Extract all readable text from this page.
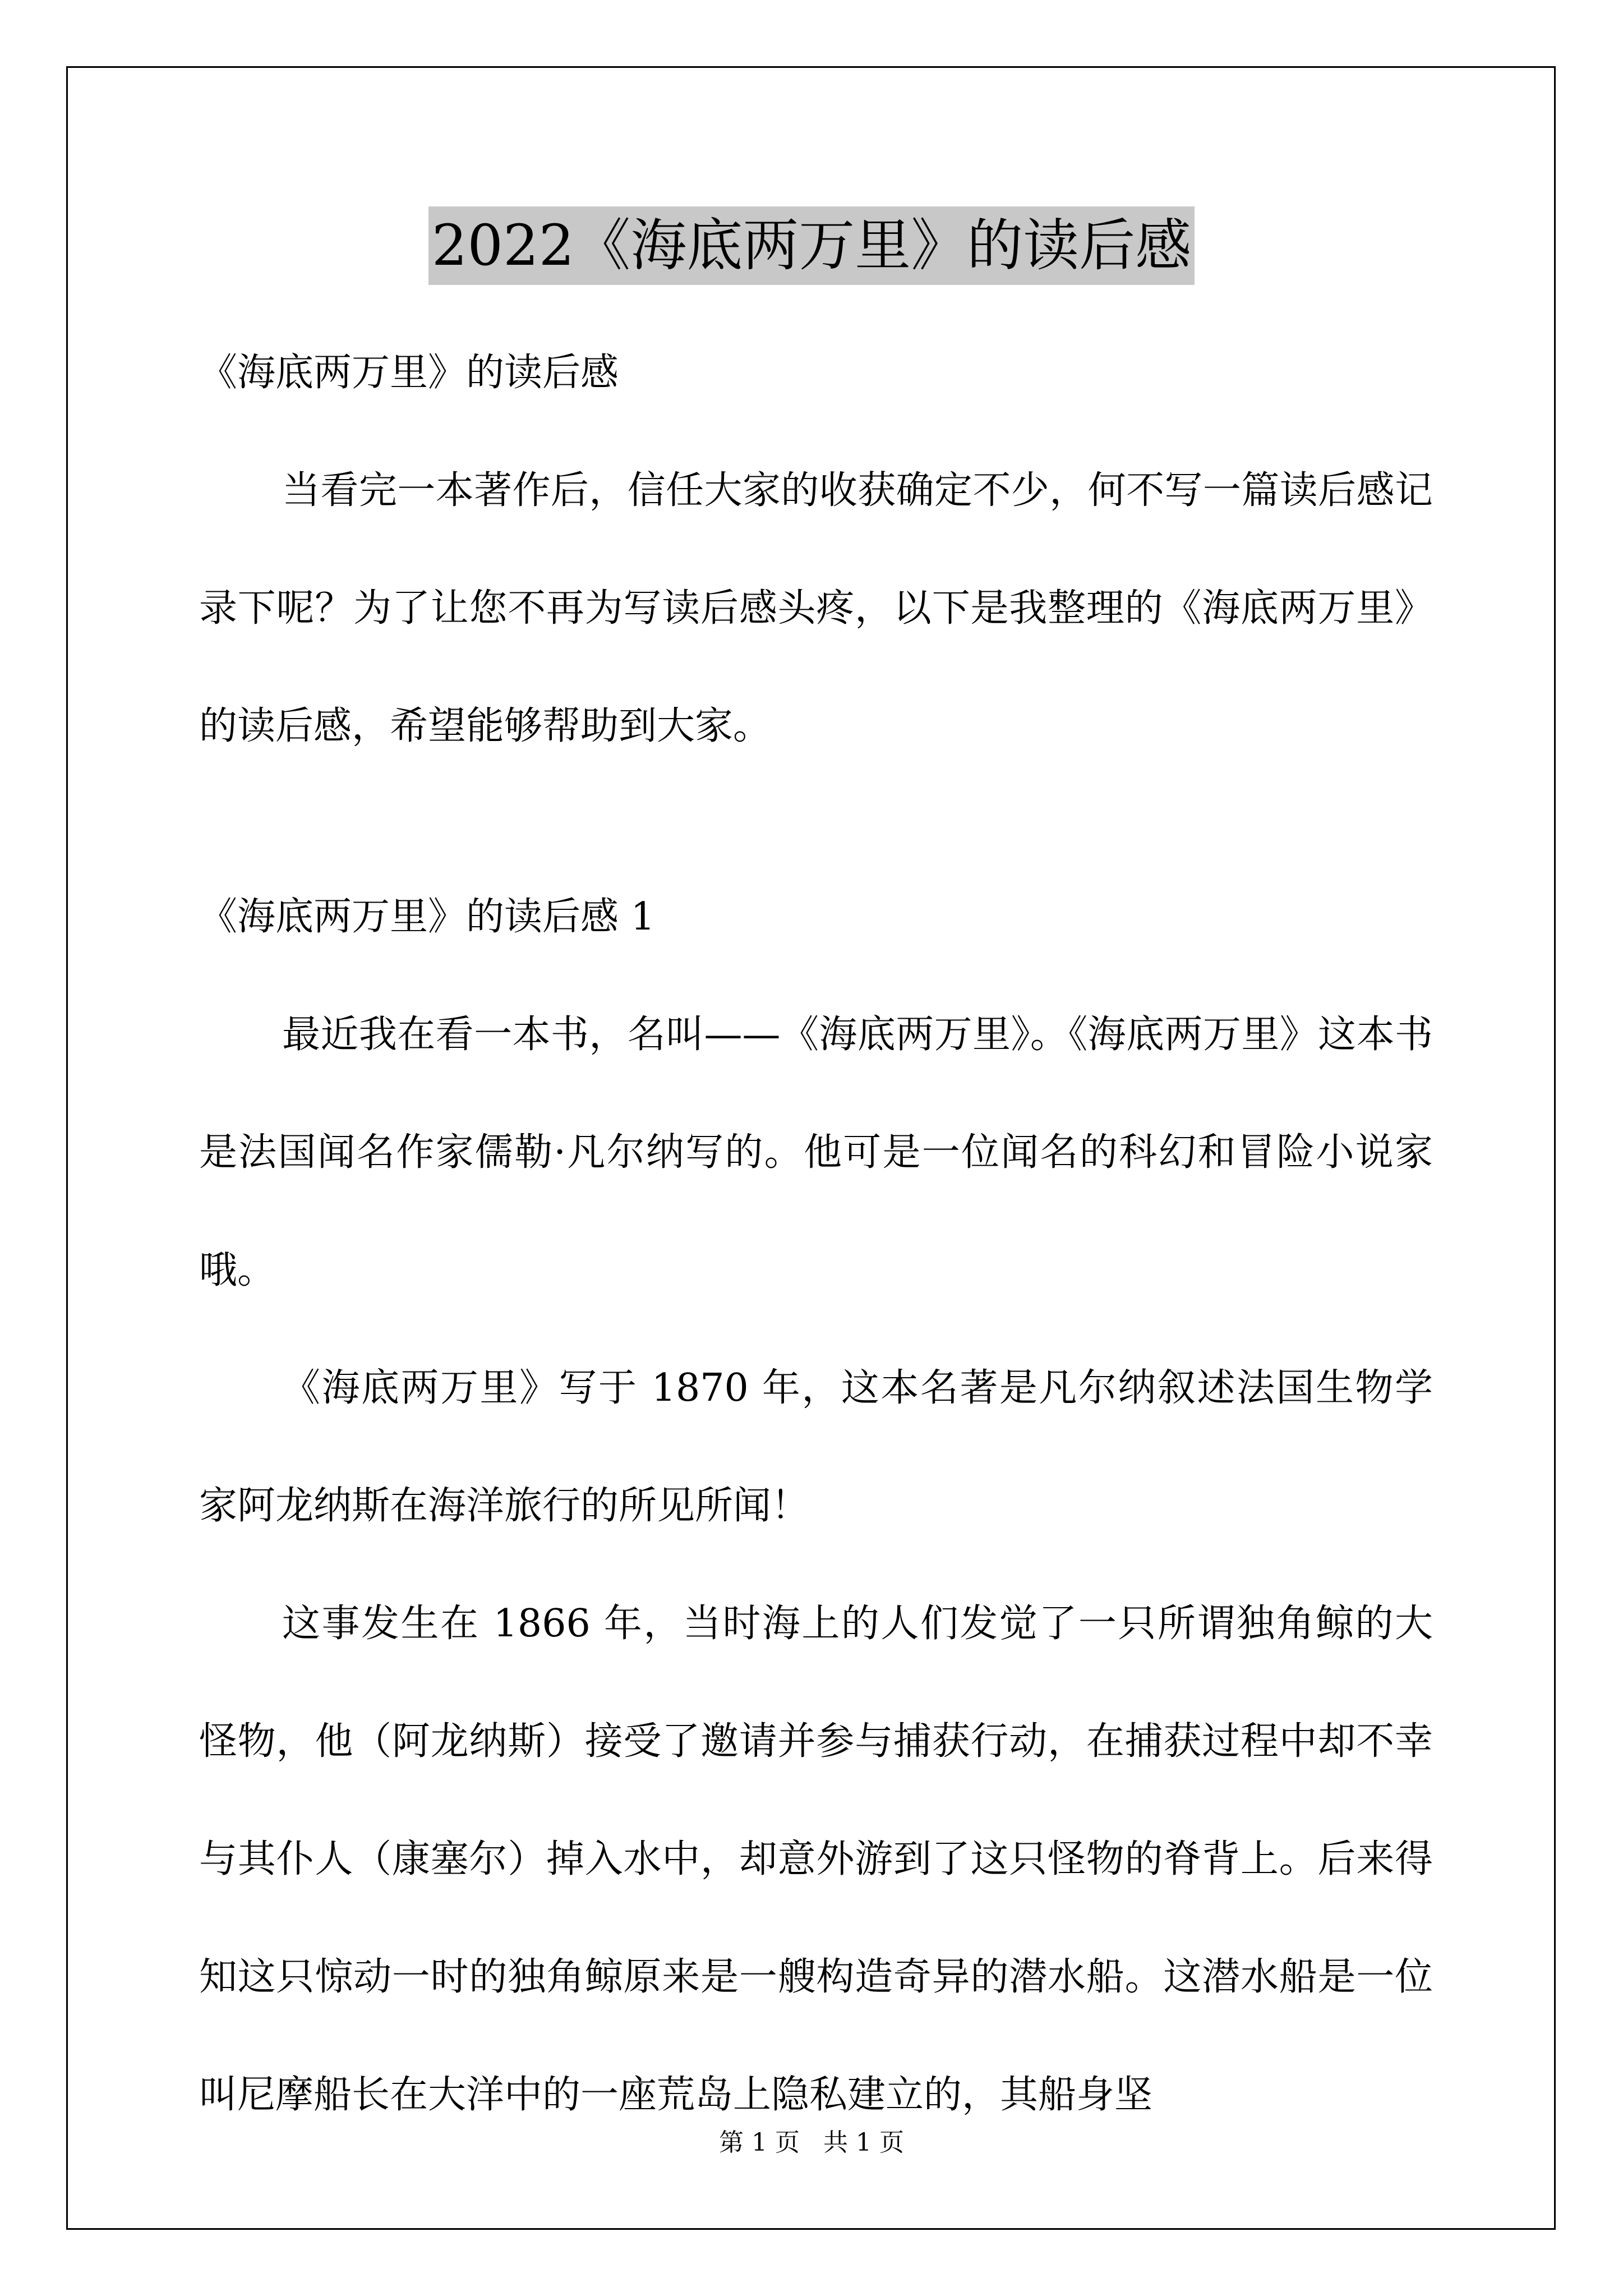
2022《海底两万里》的读后感

《海底两万里》的读后感

当看完一本著作后，信任大家的收获确定不少，何不写一篇读后感记录下呢？为了让您不再为写读后感头疼，以下是我整理的《海底两万里》的读后感，希望能够帮助到大家。

《海底两万里》的读后感 1

最近我在看一本书，名叫——《海底两万里》。《海底两万里》这本书是法国闻名作家儒勒·凡尔纳写的。他可是一位闻名的科幻和冒险小说家哦。

《海底两万里》写于 1870 年，这本名著是凡尔纳叙述法国生物学家阿龙纳斯在海洋旅行的所见所闻！

这事发生在 1866 年，当时海上的人们发觉了一只所谓独角鲸的大怪物，他（阿龙纳斯）接受了邀请并参与捕获行动，在捕获过程中却不幸与其仆人（康塞尔）掉入水中，却意外游到了这只怪物的脊背上。后来得知这只惊动一时的独角鲸原来是一艘构造奇异的潜水船。这潜水船是一位叫尼摩船长在大洋中的一座荒岛上隐私建立的，其船身坚

第 1 页   共 1 页
